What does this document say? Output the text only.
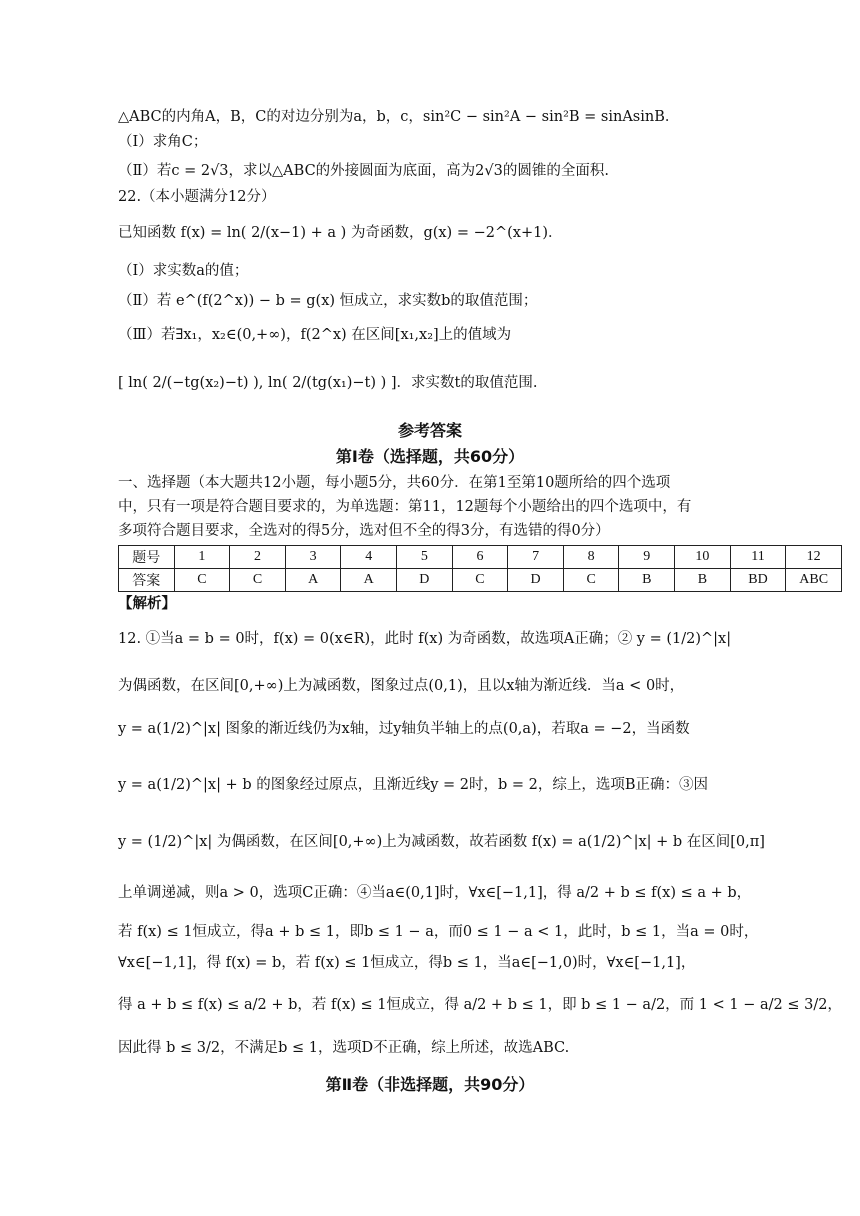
△ABC的内角A，B，C的对边分别为a，b，c，sin²C − sin²A − sin²B = sinAsinB．
（Ⅰ）求角C；
（Ⅱ）若c = 2√3，求以△ABC的外接圆面为底面，高为2√3的圆锥的全面积.
22.（本小题满分12分）
已知函数 f(x) = ln( 2/(x−1) + a ) 为奇函数，g(x) = −2^(x+1)．
（Ⅰ）求实数a的值；
（Ⅱ）若 e^(f(2^x)) − b = g(x) 恒成立，求实数b的取值范围；
（Ⅲ）若∃x₁，x₂∈(0,+∞)，f(2^x) 在区间[x₁,x₂]上的值域为
[ ln( 2/(−tg(x₂)−t) ), ln( 2/(tg(x₁)−t) ) ]．求实数t的取值范围.
参考答案
第Ⅰ卷（选择题，共60分）
一、选择题（本大题共12小题，每小题5分，共60分．在第1至第10题所给的四个选项
中，只有一项是符合题目要求的，为单选题：第11，12题每个小题给出的四个选项中，有
多项符合题目要求，全选对的得5分，选对但不全的得3分，有选错的得0分）
题号	1	2	3	4	5	6	7	8	9	10	11	12
答案	C	C	A	A	D	C	D	C	B	B	BD	ABC
【解析】
12. ①当a = b = 0时，f(x) = 0(x∈R)，此时 f(x) 为奇函数，故选项A正确；② y = (1/2)^|x|
为偶函数，在区间[0,+∞)上为减函数，图象过点(0,1)，且以x轴为渐近线．当a < 0时，
y = a(1/2)^|x| 图象的渐近线仍为x轴，过y轴负半轴上的点(0,a)，若取a = −2，当函数
y = a(1/2)^|x| + b 的图象经过原点，且渐近线y = 2时，b = 2，综上，选项B正确：③因
y = (1/2)^|x| 为偶函数，在区间[0,+∞)上为减函数，故若函数 f(x) = a(1/2)^|x| + b 在区间[0,π]
上单调递减，则a > 0，选项C正确：④当a∈(0,1]时，∀x∈[−1,1]，得 a/2 + b ≤ f(x) ≤ a + b，
若 f(x) ≤ 1恒成立，得a + b ≤ 1，即b ≤ 1 − a，而0 ≤ 1 − a < 1，此时，b ≤ 1，当a = 0时，
∀x∈[−1,1]，得 f(x) = b，若 f(x) ≤ 1恒成立，得b ≤ 1，当a∈[−1,0)时，∀x∈[−1,1]，
得 a + b ≤ f(x) ≤ a/2 + b，若 f(x) ≤ 1恒成立，得 a/2 + b ≤ 1，即 b ≤ 1 − a/2，而 1 < 1 − a/2 ≤ 3/2，
因此得 b ≤ 3/2，不满足b ≤ 1，选项D不正确，综上所述，故选ABC.
第Ⅱ卷（非选择题，共90分）
